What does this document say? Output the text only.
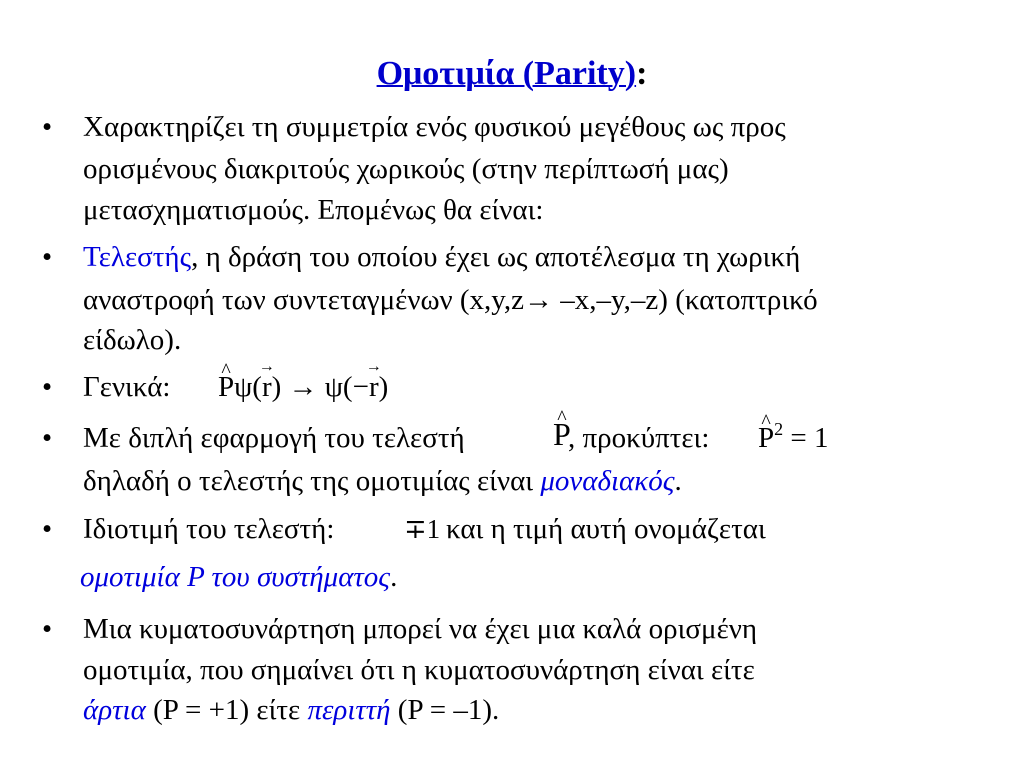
Ομοτιμία (Parity):
• Χαρακτηρίζει τη συμμετρία ενός φυσικού μεγέθους ως προς
ορισμένους διακριτούς χωρικούς (στην περίπτωσή μας)
μετασχηματισμούς. Επομένως θα είναι:
• Τελεστής, η δράση του οποίου έχει ως αποτέλεσμα τη χωρική
αναστροφή των συντεταγμένων (x,y,z→ –x,–y,–z) (κατοπτρικό
είδωλο).
• Γενικά: ^ Pψ(→ r) → ψ(−→ r)
• Με διπλή εφαρμογή του τελεστή	^ P
, προκύπτει: ^ $P^2 = 1$
δηλαδή ο τελεστής της ομοτιμίας είναι μοναδιακός.
• Ιδιοτιμή του τελεστή:	∓1 και η τιμή αυτή ονομάζεται
ομοτιμία P του συστήματος.
• Μια κυματοσυνάρτηση μπορεί να έχει μια καλά ορισμένη
ομοτιμία, που σημαίνει ότι η κυματοσυνάρτηση είναι είτε
άρτια (P = +1) είτε περιττή (P = –1).
